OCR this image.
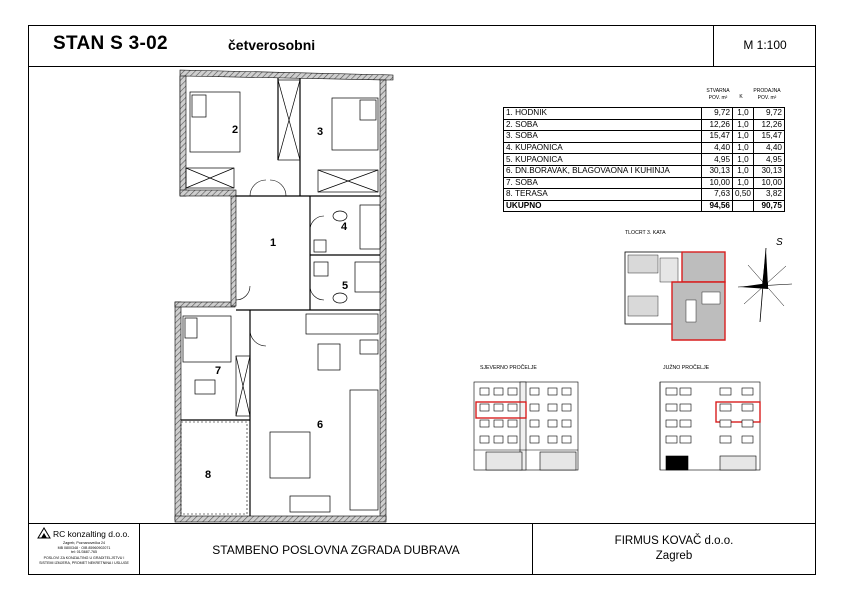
STAN S 3-02	četverosobni	M 1:100
RC konzalting d.o.o.
Zagreb, Poznanovečka 24
MB 0800348 · OIB 85960902071
tel: 01/3687-765
POSLOVI ZA KONZALTING U GRADITELJSTVU I
SISTEMI IZMJERA, PROMET NEKRETNINA I USLUGE
STAMBENO POSLOVNA ZGRADA DUBRAVA
FIRMUS KOVAČ d.o.o.
Zagreb
STVARNA
POV. m²	K
PRODAJNA
POV. m²
1. HODNIK	9,72	1,0	9,72
2. SOBA	12,26	1,0	12,26
3. SOBA	15,47	1,0	15,47
4. KUPAONICA	4,40	1,0	4,40
5. KUPAONICA	4,95	1,0	4,95
6. DN.BORAVAK, BLAGOVAONA I KUHINJA	30,13	1,0	30,13
7. SOBA	10,00	1,0	10,00
8. TERASA	7,63	0,50	3,82
UKUPNO	94,56		90,75
TLOCRT 3. KATA
SJEVERNO PROČELJE	JUŽNO PROČELJE
2	3
1
4
5
7
6
8
S
